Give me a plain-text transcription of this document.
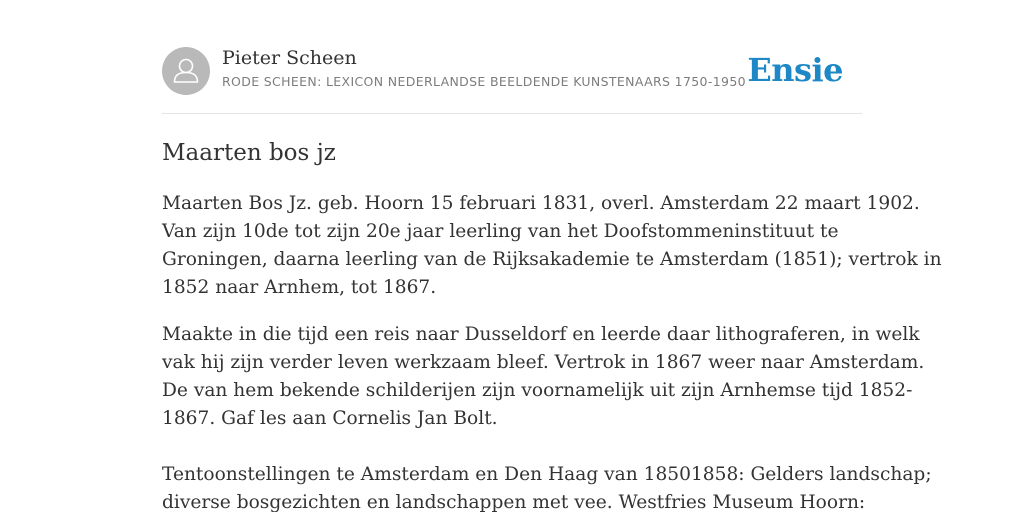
Pieter Scheen
RODE SCHEEN: LEXICON NEDERLANDSE BEELDENDE KUNSTENAARS 1750-1950 Ensie
Maarten bos jz

Maarten Bos Jz. geb. Hoorn 15 februari 1831, overl. Amsterdam 22 maart 1902.
Van zijn 10de tot zijn 20e jaar leerling van het Doofstommeninstituut te
Groningen, daarna leerling van de Rijksakademie te Amsterdam (1851); vertrok in
1852 naar Arnhem, tot 1867.

Maakte in die tijd een reis naar Dusseldorf en leerde daar lithograferen, in welk
vak hij zijn verder leven werkzaam bleef. Vertrok in 1867 weer naar Amsterdam.
De van hem bekende schilderijen zijn voornamelijk uit zijn Arnhemse tijd 1852-
1867. Gaf les aan Cornelis Jan Bolt.

Tentoonstellingen te Amsterdam en Den Haag van 18501858: Gelders landschap;
diverse bosgezichten en landschappen met vee. Westfries Museum Hoorn:
